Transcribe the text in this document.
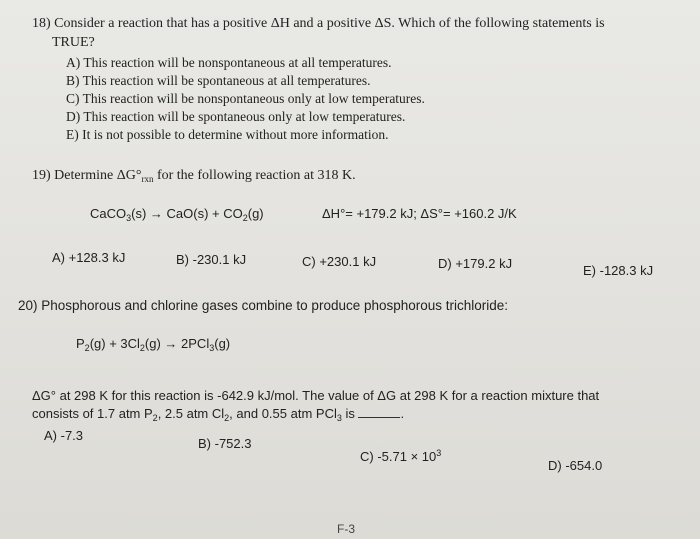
18) Consider a reaction that has a positive ΔH and a positive ΔS. Which of the following statements is
TRUE?
A) This reaction will be nonspontaneous at all temperatures.
B) This reaction will be spontaneous at all temperatures.
C) This reaction will be nonspontaneous only at low temperatures.
D) This reaction will be spontaneous only at low temperatures.
E) It is not possible to determine without more information.
19) Determine $\Delta G^\circ_{rxn}$ for the following reaction at 318 K.
CaCO$_3$(s) → $CaO(s) + CO_2(g)$	ΔH°= +179.2 kJ; ΔS°= +160.2 J/K
A) +128.3 kJ	B) -230.1 kJ	C) +230.1 kJ	D) +179.2 kJ	E) -128.3 kJ
20) Phosphorous and chlorine gases combine to produce phosphorous trichloride:
$P_2(g) + 3Cl_2(g) \to 2PCl_3(g)$
ΔG° at 298 K for this reaction is -642.9 kJ/mol. The value of ΔG at 298 K for a reaction mixture that
consists of 1.7 atm $P_2$, 2.5 atm $Cl_2$, and 0.55 atm PCl$_3$ is	.
A) -7.3
B) -752.3
C) $-5.71 \times 10^3$
D) -654.0
F-3
